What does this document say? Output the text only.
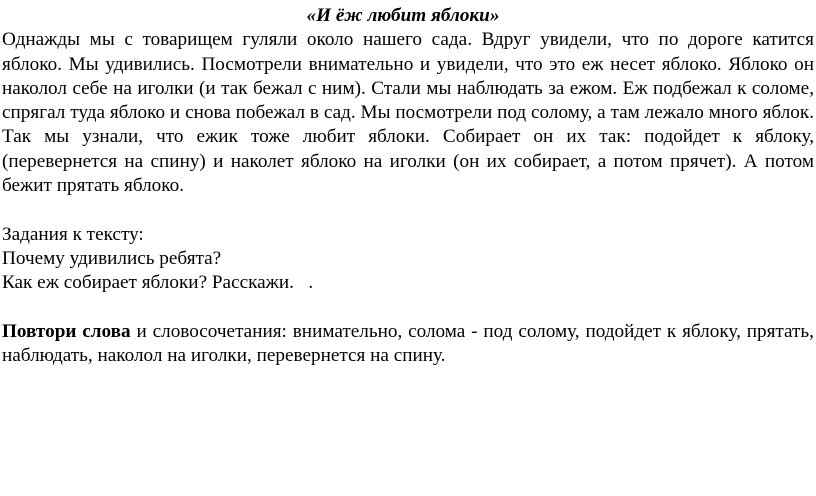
«И ёж любит яблоки»

Однажды мы с товарищем гуляли около нашего сада. Вдруг увидели, что по дороге катится яблоко. Мы удивились. Посмотрели внимательно и увидели, что это еж несет яблоко. Яблоко он наколол себе на иголки (и так бежал с ним). Стали мы наблюдать за ежом. Еж подбежал к соломе, спрягал туда яблоко и снова побежал в сад. Мы посмотрели под солому, а там лежало много яблок. Так мы узнали, что ежик тоже любит яблоки. Собирает он их так: подойдет к яблоку, (перевернется на спину) и наколет яблоко на иголки (он их собирает, а потом прячет). А потом бежит прятать яблоко.

Задания к тексту:

Почему удивились ребята?

Как еж собирает яблоки? Расскажи.   .

Повтори слова и словосочетания: внимательно, солома - под солому, подойдет к яблоку, прятать, наблюдать, наколол на иголки, перевернется на спину.
